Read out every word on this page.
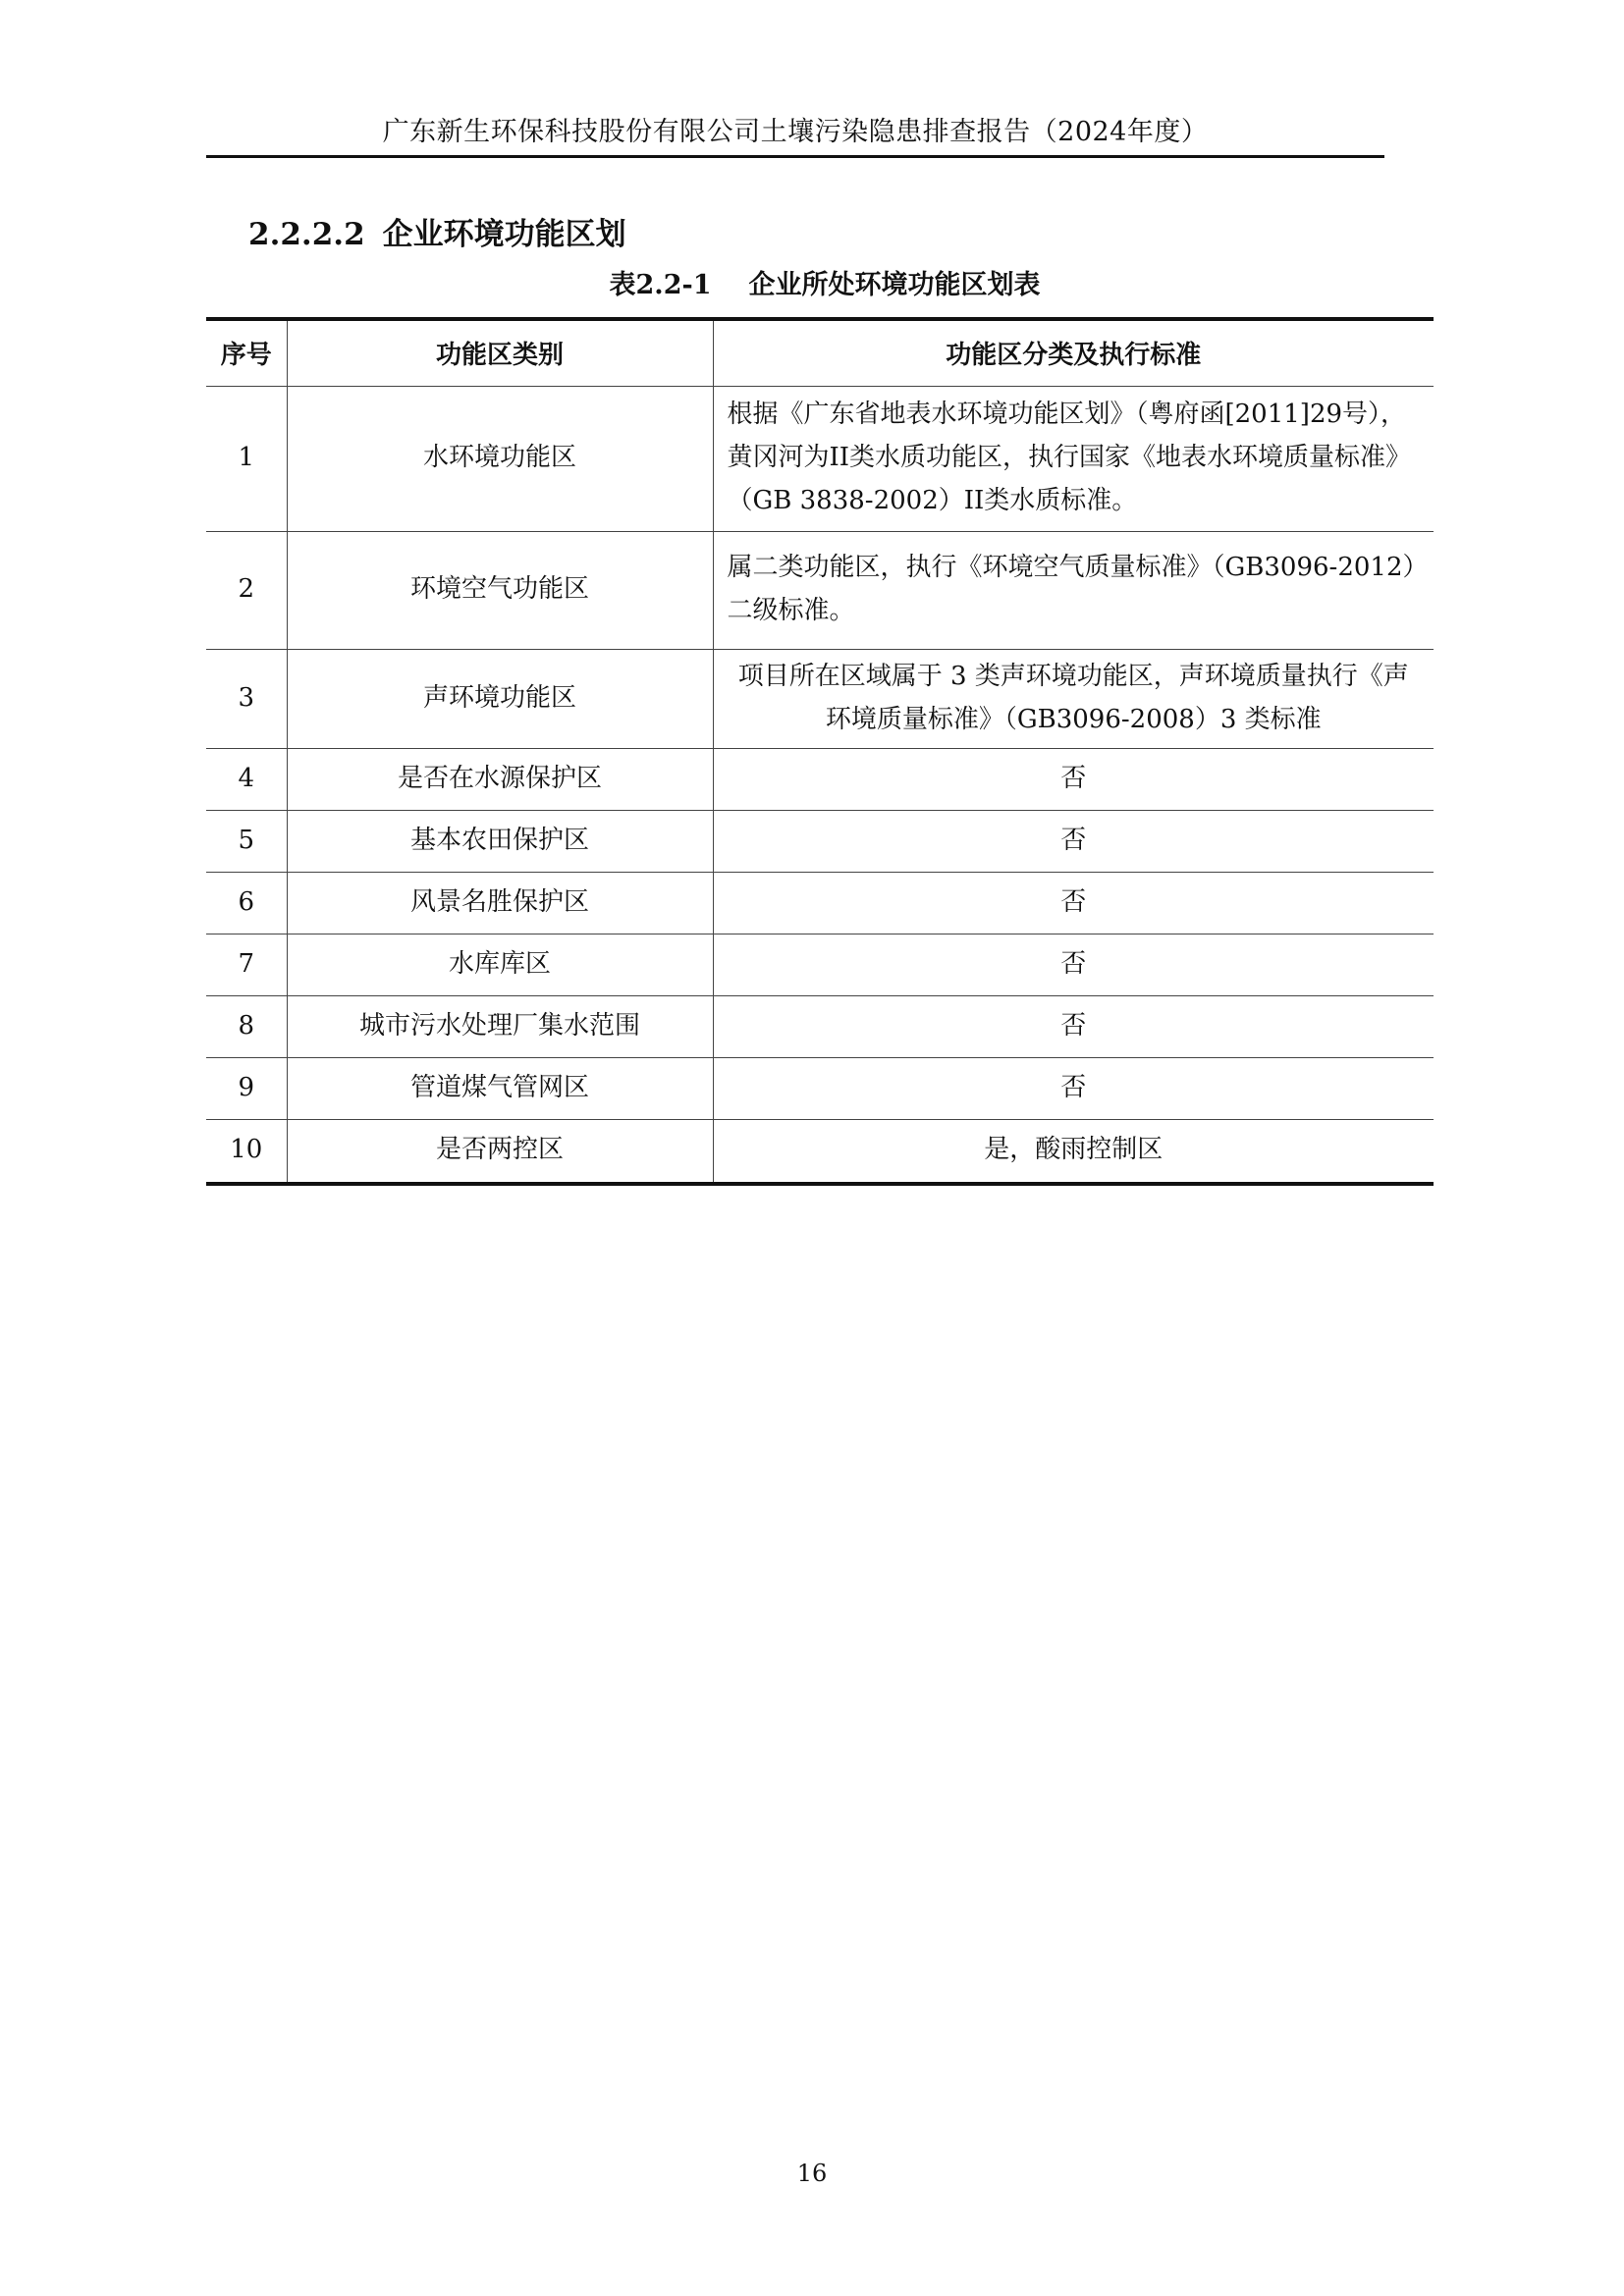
广东新生环保科技股份有限公司土壤污染隐患排查报告（2024年度）
2.2.2.2 企业环境功能区划
表2.2-1 企业所处环境功能区划表
序号	功能区类别	功能区分类及执行标准
1	水环境功能区	根据《广东省地表水环境功能区划》（粤府函[2011]29号），黄冈河为II类水质功能区，执行国家《地表水环境质量标准》（GB 3838-2002）II类水质标准。
2	环境空气功能区	属二类功能区，执行《环境空气质量标准》（GB3096-2012）二级标准。
3	声环境功能区	项目所在区域属于 3 类声环境功能区，声环境质量执行《声环境质量标准》（GB3096-2008）3 类标准
4	是否在水源保护区	否
5	基本农田保护区	否
6	风景名胜保护区	否
7	水库库区	否
8	城市污水处理厂集水范围	否
9	管道煤气管网区	否
10	是否两控区	是，酸雨控制区
16
